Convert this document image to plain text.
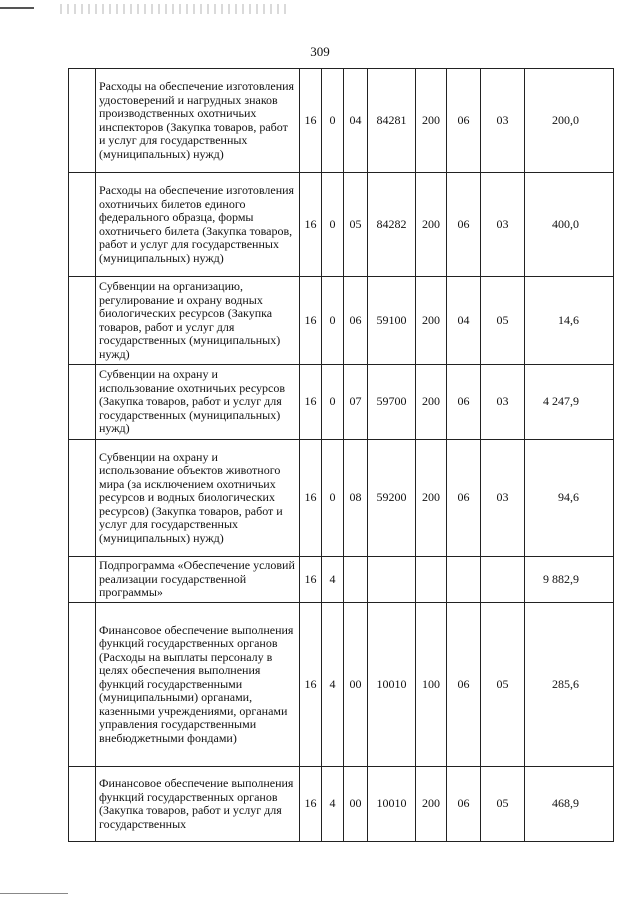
309
	Расходы на обеспечение изготовления удостоверений и нагрудных знаков производственных охотничьих инспекторов (Закупка товаров, работ и услуг для государственных (муниципальных) нужд)	16	0	04	84281	200	06	03	200,0
	Расходы на обеспечение изготовления охотничьих билетов единого федерального образца, формы охотничьего билета (Закупка товаров, работ и услуг для государственных (муниципальных) нужд)	16	0	05	84282	200	06	03	400,0
	Субвенции на организацию, регулирование и охрану водных биологических ресурсов (Закупка товаров, работ и услуг для государственных (муниципальных) нужд)	16	0	06	59100	200	04	05	14,6
	Субвенции на охрану и использование охотничьих ресурсов (Закупка товаров, работ и услуг для государственных (муниципальных) нужд)	16	0	07	59700	200	06	03	4 247,9
	Субвенции на охрану и использование объектов животного мира (за исключением охотничьих ресурсов и водных биологических ресурсов) (Закупка товаров, работ и услуг для государственных (муниципальных) нужд)	16	0	08	59200	200	06	03	94,6
	Подпрограмма «Обеспечение условий реализации государственной программы»	16	4						9 882,9
	Финансовое обеспечение выполнения функций государственных органов (Расходы на выплаты персоналу в целях обеспечения выполнения функций государственными (муниципальными) органами, казенными учреждениями, органами управления государственными внебюджетными фондами)	16	4	00	10010	100	06	05	285,6
	Финансовое обеспечение выполнения функций государственных органов (Закупка товаров, работ и услуг для государственных	16	4	00	10010	200	06	05	468,9
